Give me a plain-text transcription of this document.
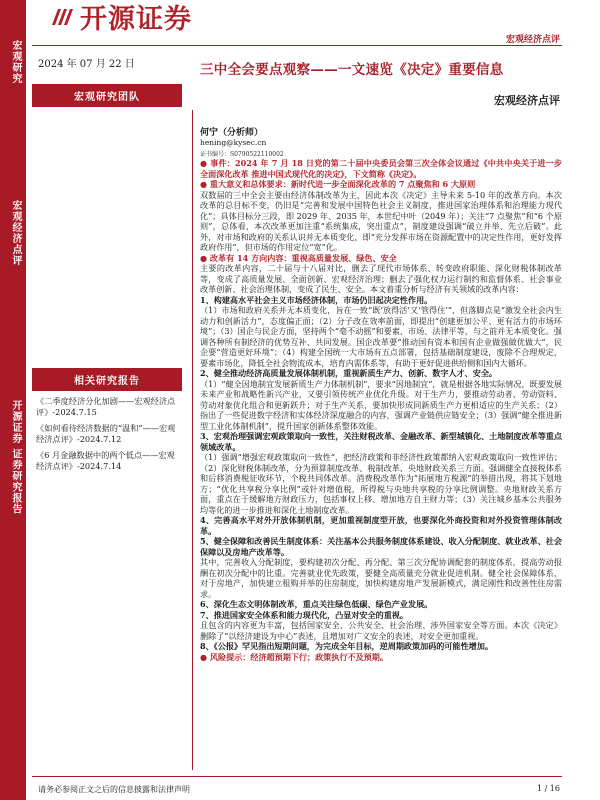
宏观研究
宏观经济点评
开源证券 证券研究报告
开源证券
宏观经济点评
2024 年 07 月 22 日
宏观研究团队
相关研究报告
《二季度经济分化加剧——宏观经济点评》-2024.7.15
《如何看待经济数据的“温和”——宏观经济点评》-2024.7.12
《6 月金融数据中的两个低点——宏观经济点评》-2024.7.14
三中全会要点观察——一文速览《决定》重要信息
宏观经济点评
何宁（分析师）
hening@kysec.cn
证书编号：S0790522110002

● 事件：2024 年 7 月 18 日党的第二十届中央委员会第三次全体会议通过《中共中央关于进一步全面深化改革 推进中国式现代化的决定》，下文简称《决定》。

● 重大意义和总体要求：新时代进一步全面深化改革的 7 点聚焦和 6 大原则

双数届的三中全会主要由经济体制改革为主，因此本次《决定》主导未来 5-10 年的改革方向。本次改革的总目标不变，仍旧是“完善和发展中国特色社会主义制度，推进国家治理体系和治理能力现代化”；具体目标分三段，即 2029 年、2035 年，本世纪中叶（2049 年）；关注“7 点聚焦”和“6 个原则”，总体看，本次改革更加注重“系统集成，突出重点”，制度建设强调“破立并举、先立后破”。此外，对市场和政府的关系认识并无本质变化，即“充分发挥市场在资源配置中的决定性作用，更好发挥政府作用”，但市场的作用定位“宽”化。

● 改革有 14 方向内容：重视高质量发展、绿色、安全

主要的改革内容，二十届与十八届对比，删去了现代市场体系、转变政府职能、深化财税体制改革等，变成了高质量发展、全面创新、宏观经济治理；删去了强化权力运行制约和监督体系、社会事业改革创新、社会治理体制，变成了民生、安全。本文着重分析与经济有关领域的改革内容：

1、构建高水平社会主义市场经济体制，市场仍旧起决定性作用。

（1）市场和政府关系并无本质变化，旨在一致“既‘放得活’又‘管得住’”，但落脚点是“激发全社会内生动力和创新活力”，态度偏正面；（2）分子改在效率前面，即提出“创建更加公平、更有活力的市场环境”；（3）国企与民企方面，坚持两个“毫不动摇”和要素、市场、法律平等，与之前并无本质变化。强调各种所有制经济的优势互补、共同发展。国企改革要“推动国有资本和国有企业做强做优做大”，民企要“营造更好环境”；（4）构建全国统一大市场有五点部署，包括基础制度建设，废除不合理规定，要素市场化，降低全社会物流成本，培育内需体系等，有助于更好促进供给侧和国内大循环。

2、健全推动经济高质量发展体制机制，重视新质生产力、创新、数字人才、安全。

（1）“健全因地制宜发展新质生产力体制机制”，要求“因地制宜”，就是根据各地实际情况，既要发展未来产业和战略性新兴产业，又要引领传统产业优化升级。对于生产力，要推动劳动者、劳动资料、劳动对象优化组合和更新跃升；对于生产关系，要加快形成同新质生产力更相适应的生产关系；（2）指出了一些促进数字经济和实体经济深度融合的内容，强调产业链供应链安全；（3）强调“健全推进新型工业化体制机制”，提升国家创新体系整体效能。

3、宏观治理强调宏观政策取向一致性，关注财税改革、金融改革、新型城镇化、土地制度改革等重点领域改革。

（1）强调“增强宏观政策取向一致性”，把经济政策和非经济性政策都纳入宏观政策取向一致性评估；（2）深化财税体制改革，分为预算制度改革、税制改革、央地财政关系三方面。强调健全直接税体系和后移消费税征收环节，个税共同体改革。消费税改革作为“拓展地方税源”的举措出现，将其下划地方；“优化共享税分享比例”或针对增值税，所得税与央地共享税的分享比例调整。央地财政关系方面，重点在于缓解地方财政压力，包括事权上移、增加地方自主财力等；（3）关注城乡基本公共服务均等化的进一步推进和深化土地制度改革。

4、完善高水平对外开放体制机制，更加重视制度型开放，也要深化外商投资和对外投资管理体制改革。

5、健全保障和改善民生制度体系：关注基本公共服务制度体系建设、收入分配制度、就业改革、社会保障以及房地产改革等。

其中，完善收入分配制度，要构建初次分配、再分配、第三次分配协调配套的制度体系，提高劳动报酬在初次分配中的比重。完善就业优先政策，要健全高质量充分就业促进机制。健全社会保障体系，对于房地产，加快建立租购并举的住房制度，加快构建房地产发展新模式，满足刚性和改善性住房需求。

6、深化生态文明体制改革，重点关注绿色低碳、绿色产业发展。

7、推进国家安全体系和能力现代化，凸显对安全的重视。

且包含的内容更为丰富，包括国家安全、公共安全、社会治理、涉外国家安全等方面。本次《决定》删除了“以经济建设为中心”表述，且增加对广义安全的表述，对安全更加重视。

8、《公报》罕见指出短期问题，为完成全年目标，逆周期政策加码的可能性增加。

● 风险提示：经济超预期下行；政策执行不及预期。

请务必参阅正文之后的信息披露和法律声明	1 / 16
